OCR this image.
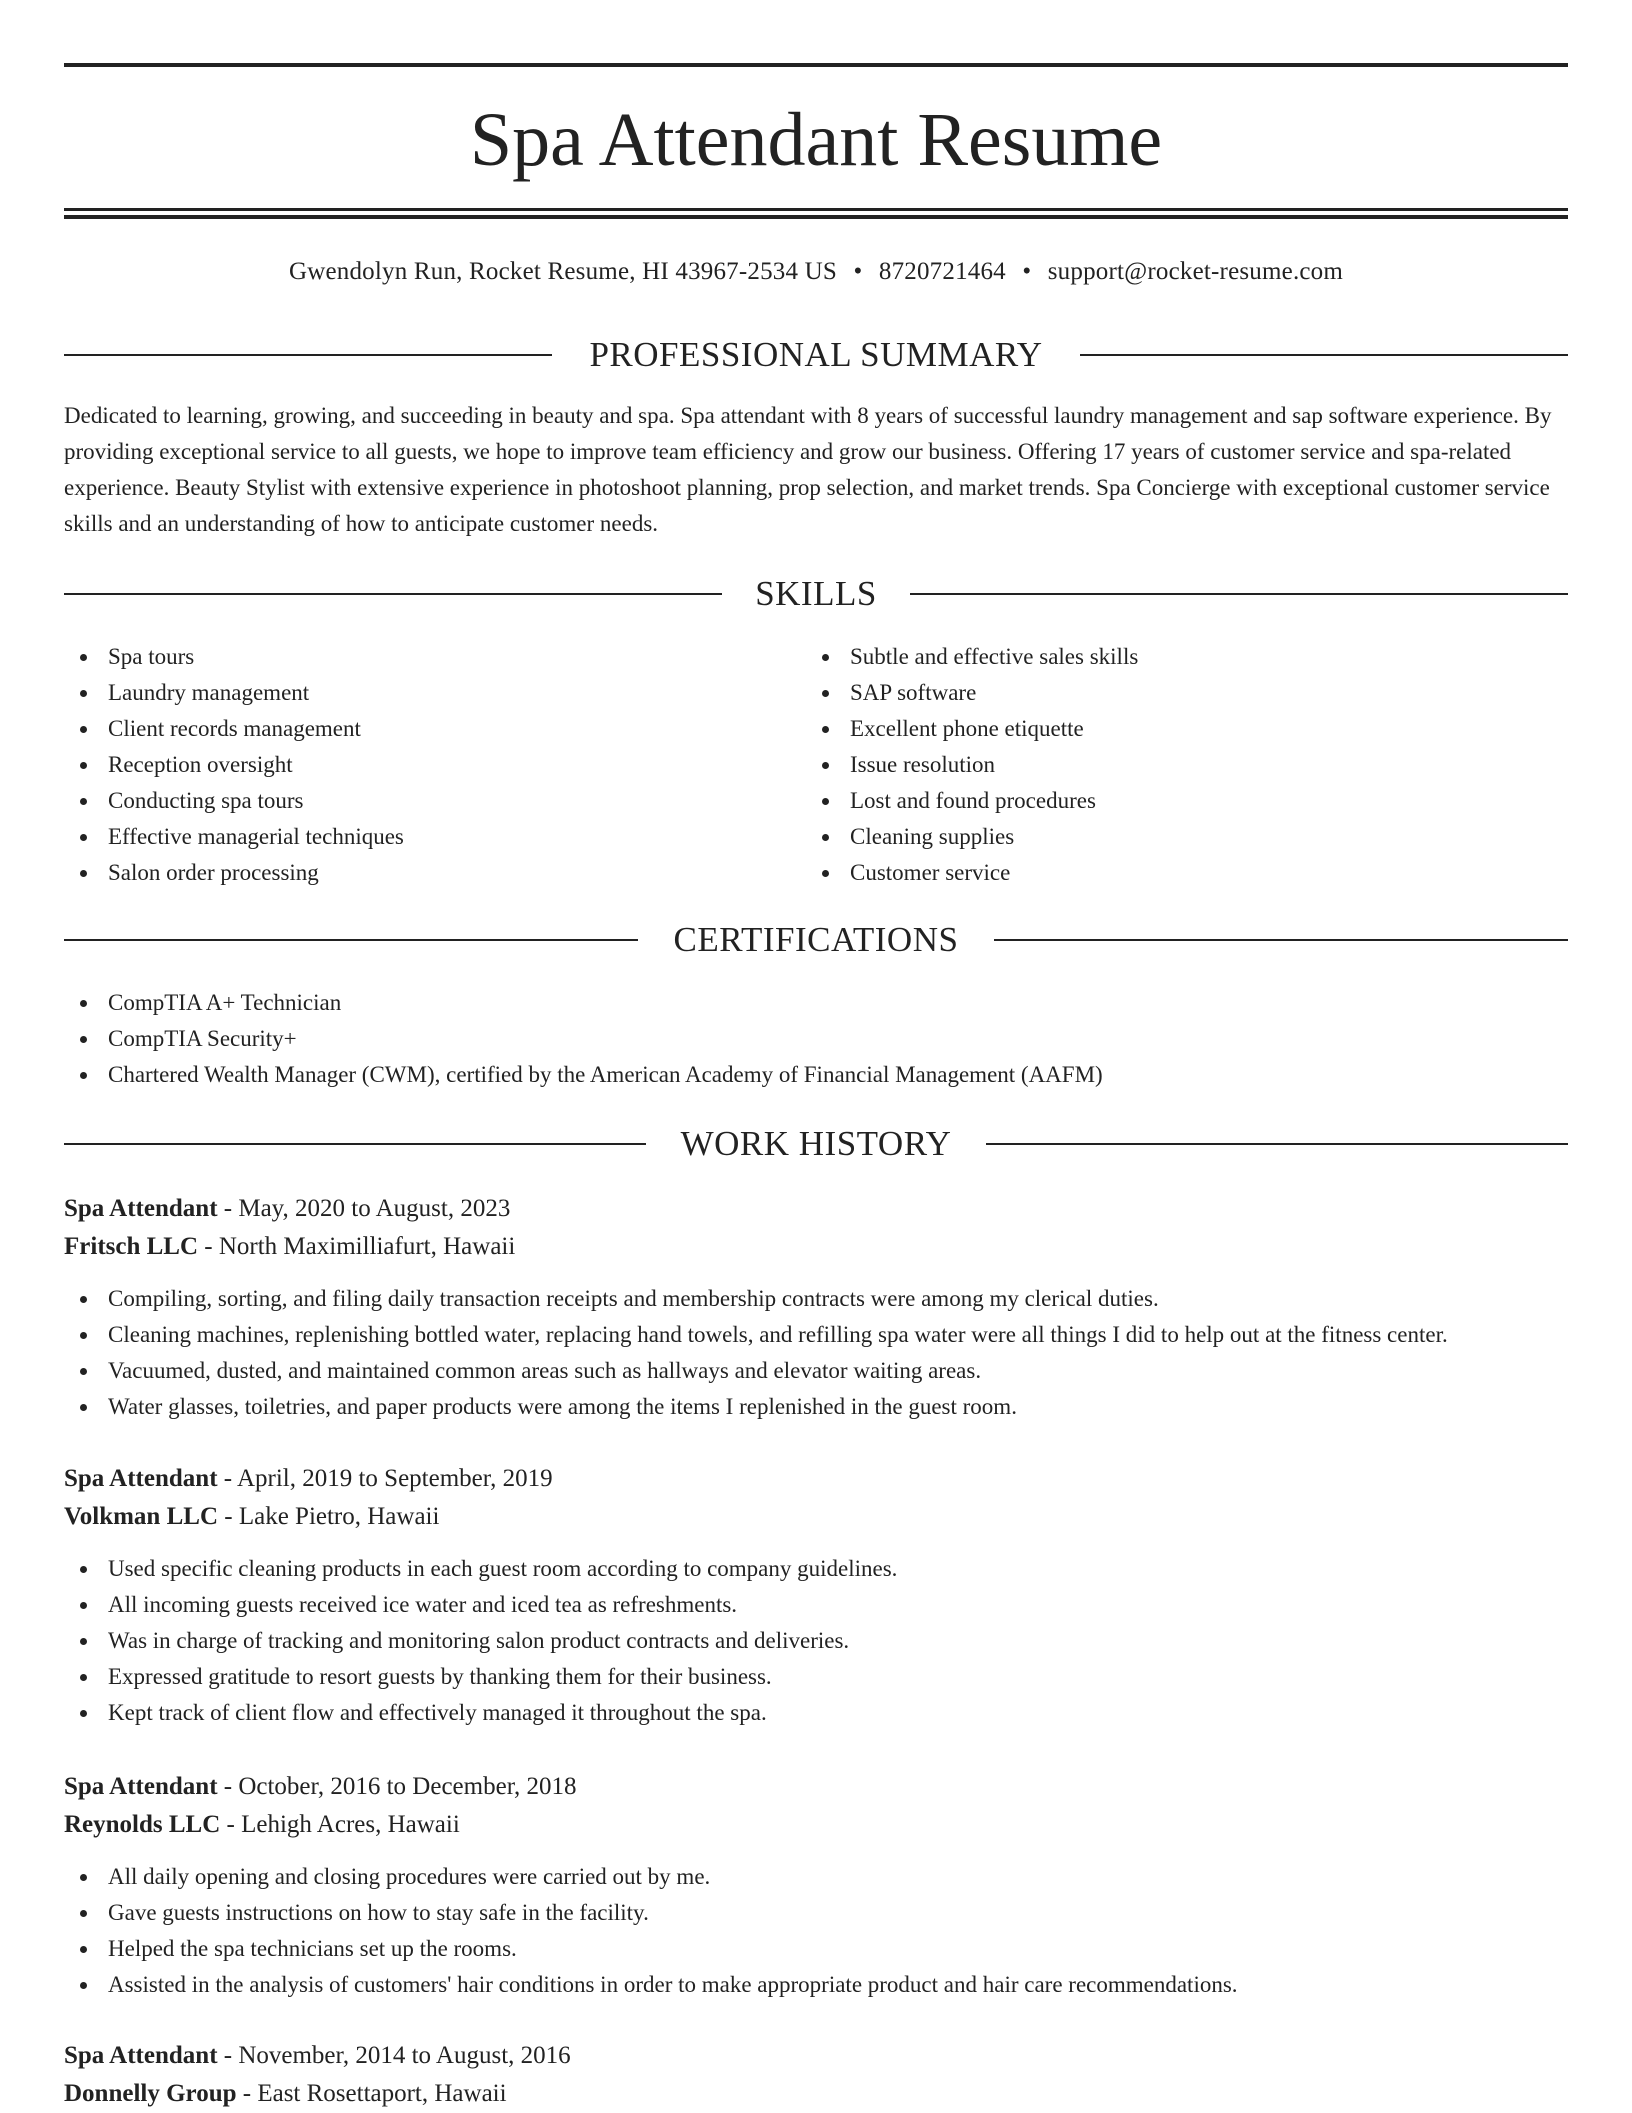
Spa Attendant Resume
Gwendolyn Run, Rocket Resume, HI 43967-2534 US • 8720721464 • support@rocket-resume.com
PROFESSIONAL SUMMARY

Dedicated to learning, growing, and succeeding in beauty and spa. Spa attendant with 8 years of successful laundry management and sap software experience. By providing exceptional service to all guests, we hope to improve team efficiency and grow our business. Offering 17 years of customer service and spa-related experience. Beauty Stylist with extensive experience in photoshoot planning, prop selection, and market trends. Spa Concierge with exceptional customer service skills and an understanding of how to anticipate customer needs.

SKILLS
Spa tours
Laundry management
Client records management
Reception oversight
Conducting spa tours
Effective managerial techniques
Salon order processing
Subtle and effective sales skills
SAP software
Excellent phone etiquette
Issue resolution
Lost and found procedures
Cleaning supplies
Customer service
CERTIFICATIONS
CompTIA A+ Technician
CompTIA Security+
Chartered Wealth Manager (CWM), certified by the American Academy of Financial Management (AAFM)
WORK HISTORY
Spa Attendant - May, 2020 to August, 2023
Fritsch LLC - North Maximilliafurt, Hawaii
Compiling, sorting, and filing daily transaction receipts and membership contracts were among my clerical duties.
Cleaning machines, replenishing bottled water, replacing hand towels, and refilling spa water were all things I did to help out at the fitness center.
Vacuumed, dusted, and maintained common areas such as hallways and elevator waiting areas.
Water glasses, toiletries, and paper products were among the items I replenished in the guest room.
Spa Attendant - April, 2019 to September, 2019
Volkman LLC - Lake Pietro, Hawaii
Used specific cleaning products in each guest room according to company guidelines.
All incoming guests received ice water and iced tea as refreshments.
Was in charge of tracking and monitoring salon product contracts and deliveries.
Expressed gratitude to resort guests by thanking them for their business.
Kept track of client flow and effectively managed it throughout the spa.
Spa Attendant - October, 2016 to December, 2018
Reynolds LLC - Lehigh Acres, Hawaii
All daily opening and closing procedures were carried out by me.
Gave guests instructions on how to stay safe in the facility.
Helped the spa technicians set up the rooms.
Assisted in the analysis of customers' hair conditions in order to make appropriate product and hair care recommendations.
Spa Attendant - November, 2014 to August, 2016
Donnelly Group - East Rosettaport, Hawaii
